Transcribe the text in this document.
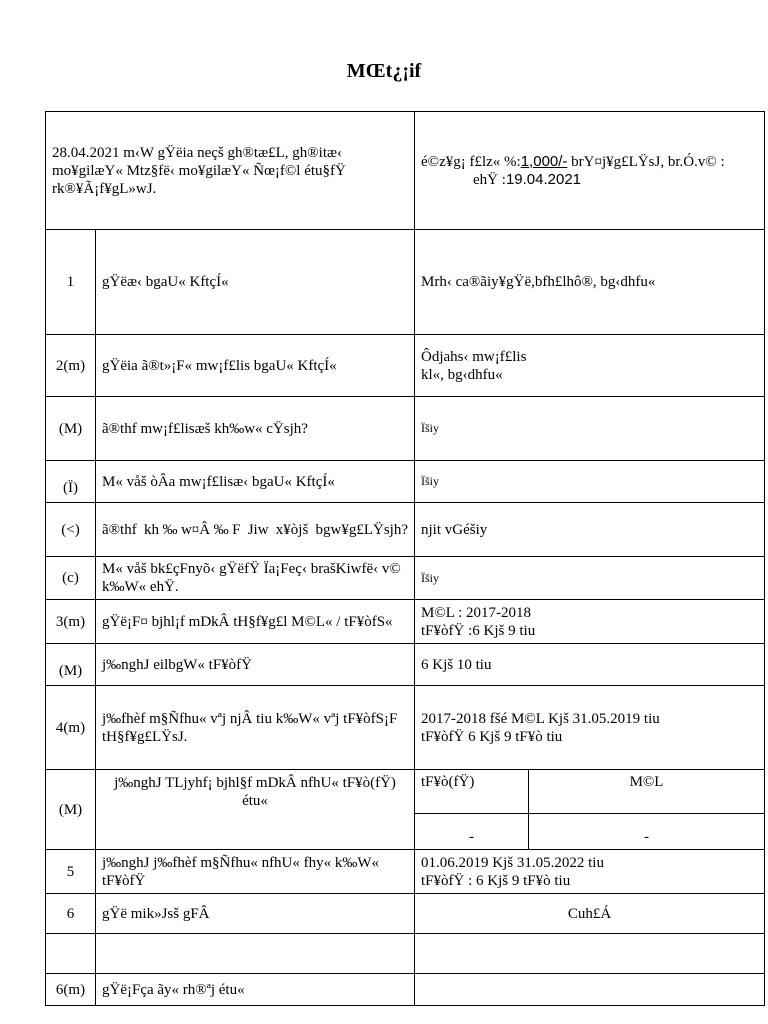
MŒt¿¡if
28.04.2021 m‹W gŸëia neçš gh®tæ£L, gh®itæ‹ mo¥gilæY« Mtz§fë‹ mo¥gilæY« Ñœ¡f©l étu§fŸ rk®¥Ã¡f¥gL»wJ.		é©z¥g¡ f£lz« %:1,000/- brY¤j¥g£LŸsJ, br.Ó.v© : ehŸ :19.04.2021	
1	gŸëæ‹ bgaU« KftçÍ«	Mrh‹ ca®ãiy¥gŸë,bfh£lhô®, bg‹dhfu«	

2(m)	gŸëia ã®t»¡F« mw¡f£lis bgaU« KftçÍ«	Ôdjahs‹ mw¡f£lis
kl«, bg‹dhfu«	

(M)	ã®thf mw¡f£lisæš kh‰w« cŸsjh?	Ïšiy	
(Ï)	M« våš òÂa mw¡f£lisæ‹ bgaU« KftçÍ«	Ïšiy	
(<)	ã®thf kh‰w¤Â‰F Jiw x¥òjš bgw¥g£LŸsjh?	njit vGéšiy	

(c)	M« våš bk£çFnyõ‹ gŸëfŸ Ïa¡Feç‹ brašKiwfë‹ v© k‰W« ehŸ.	Ïšiy	
3(m)	gŸë¡F¤ bjhl¡f mDkÂ tH§f¥g£l M©L« / tF¥òfS«	M©L : 2017-2018
tF¥òfŸ :6 Kjš 9 tiu	

(M)	j‰nghJ eilbgW« tF¥òfŸ	6 Kjš 10 tiu	

4(m)	j‰fhèf m§Ñfhu« vªj njÂ tiu k‰W« vªj tF¥òfS¡F tH§f¥g£LŸsJ.	2017-2018 fšé M©L Kjš 31.05.2019 tiu
tF¥òfŸ 6 Kjš 9 tF¥ò tiu	

(M)	j‰nghJ TLjyhf¡ bjhl§f mDkÂ nfhU« tF¥ò(fŸ) étu«	tF¥ò(fŸ)	M©L
		-	-
5	j‰nghJ j‰fhèf m§Ñfhu« nfhU« fhy« k‰W« tF¥òfŸ	01.06.2019 Kjš 31.05.2022 tiu
tF¥òfŸ : 6 Kjš 9 tF¥ò tiu	

6	gŸë mik»Jsš gFÂ	Cuh£Á	

6(m)	gŸë¡Fça ãy« rh®ªj étu«		
